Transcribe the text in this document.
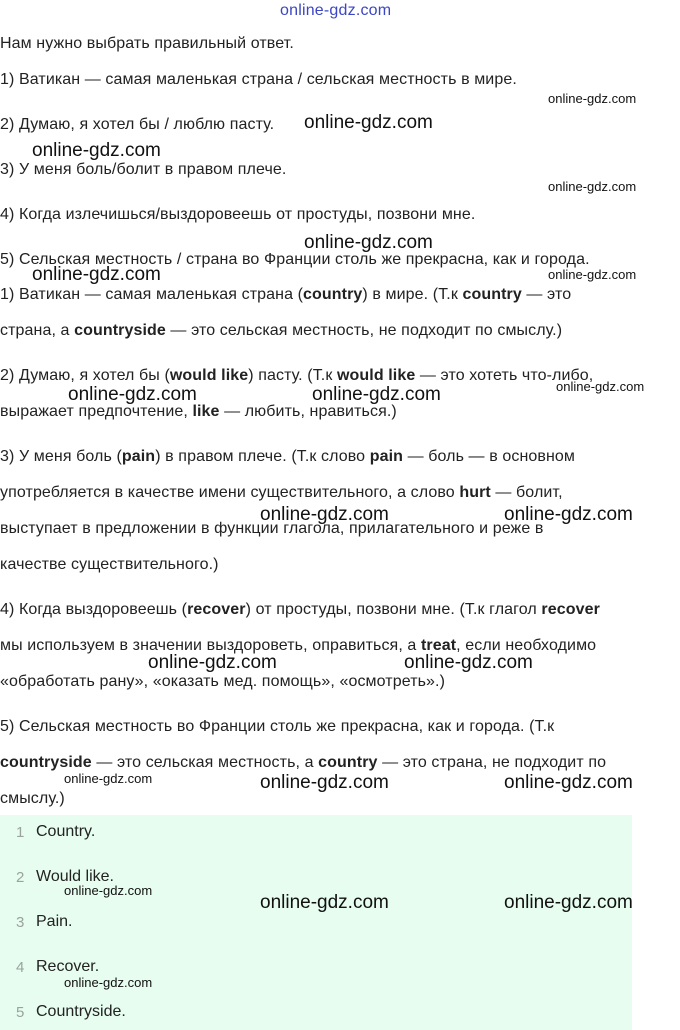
online-gdz.com
Нам нужно выбрать правильный ответ.
1) Ватикан — самая маленькая страна / сельская местность в мире.
2) Думаю, я хотел бы / люблю пасту.
3) У меня боль/болит в правом плече.
4) Когда излечишься/выздоровеешь от простуды, позвони мне.
5) Сельская местность / страна во Франции столь же прекрасна, как и города.
1) Ватикан — самая маленькая страна (country) в мире. (Т.к country — это
страна, а countryside — это сельская местность, не подходит по смыслу.)
2) Думаю, я хотел бы (would like) пасту. (Т.к would like — это хотеть что-либо,
выражает предпочтение, like — любить, нравиться.)
3) У меня боль (pain) в правом плече. (Т.к слово pain — боль — в основном
употребляется в качестве имени существительного, а слово hurt — болит,
выступает в предложении в функции глагола, прилагательного и реже в
качестве существительного.)
4) Когда выздоровеешь (recover) от простуды, позвони мне. (Т.к глагол recover
мы используем в значении выздороветь, оправиться, а treat, если необходимо
«обработать рану», «оказать мед. помощь», «осмотреть».)
5) Сельская местность во Франции столь же прекрасна, как и города. (Т.к
countryside — это сельская местность, а country — это страна, не подходит по
смыслу.)
1 Country.
2 Would like.
3 Pain.
4 Recover.
5 Countryside.
online-gdz.com
online-gdz.com
online-gdz.com
online-gdz.com
online-gdz.com
online-gdz.com	online-gdz.com
online-gdz.com
online-gdz.com	online-gdz.com
online-gdz.com	online-gdz.com
online-gdz.com	online-gdz.com
online-gdz.com	online-gdz.com	online-gdz.com
online-gdz.com
online-gdz.com	online-gdz.com
online-gdz.com
